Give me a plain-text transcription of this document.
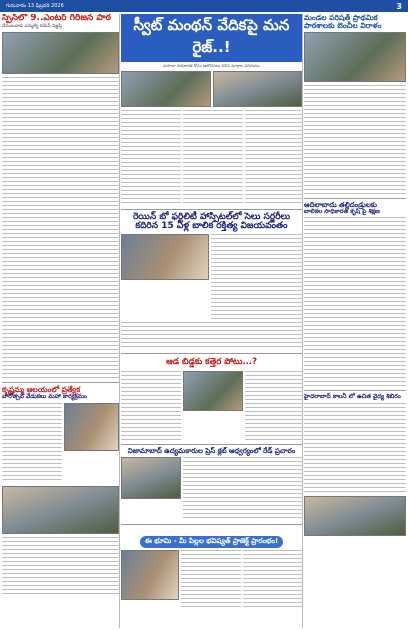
గురువారం 13 ఫిబ్రవరి 2026	3
స్పిన్‌లో 9..ఎంటర్ గిరిజన పాఠ
వేములవాడ ఎమ్మెల్యే రమేష్ విజ్ఞప్తి
కృష్ణమ్మ ఆలయంలో ప్రత్యేక
వారోత్సవ వేడుకలు మహా కార్యక్రమం
స్వీట్ మంథన్ వేదికపై మన రైజ్..!
మహిళా సాధికారత కోసం ఆలోచనలు నవీన మార్గాల పరిచయం
రెయిన్ బో ఫర్టిలిటీ హాస్పిటల్‌లో సెలు సర్జరీలు
కదిరిన 15 ఏళ్ల బాలిక రక్తిత్య విజయవంతం
ఆడ బిడ్డకు కత్తెర పోటు...?
నిజామాబాద్ ఉద్యమకారుల ప్రెస్ క్లబ్ ఆధ్వర్యంలో రేడ్ ప్రచారం
ఈ భూమి - మీ పిల్లల భవిష్యత్ ప్రాజెక్ట్ ప్రారంభం!
మండల పరిషత్ ప్రాథమిక
పాఠశాలకు బెంచీల విరాళం
ఆదిలాబాదు తల్లిదండ్రులకు
బాలికల సాధికారత కృషి పై శిక్షణ
హైదరాబాద్ కాలనీ లో ఉచిత వైద్య శిబిరం
